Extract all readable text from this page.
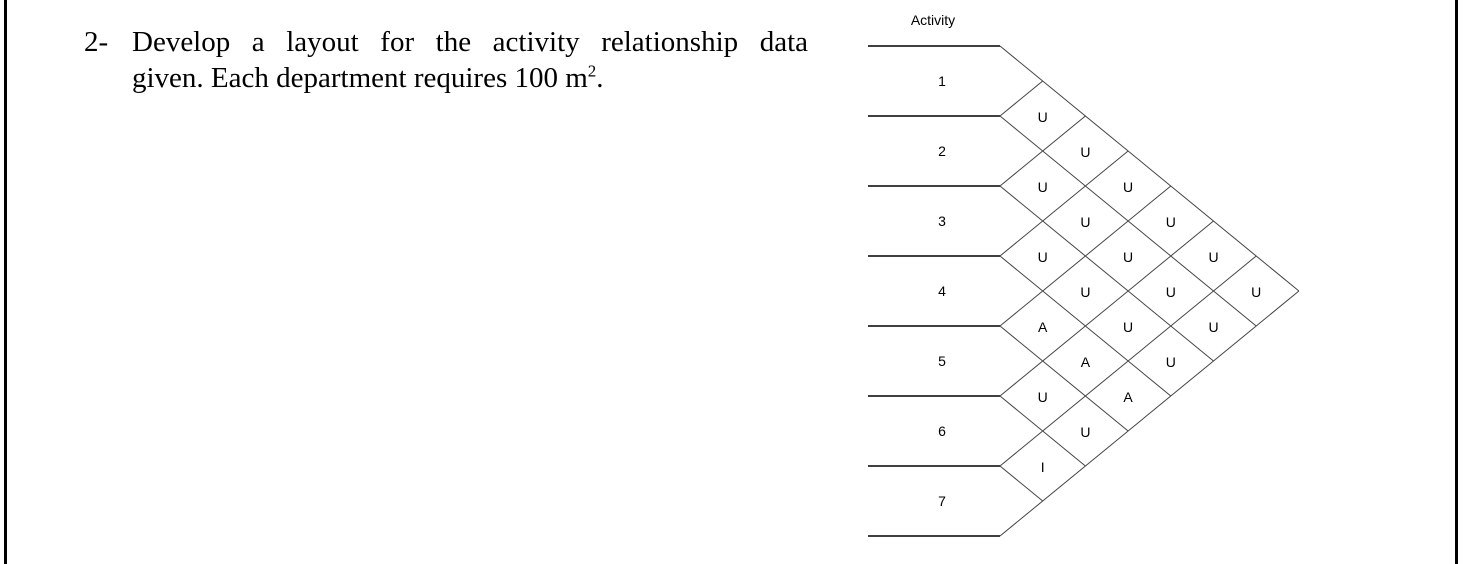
2- Develop a layout for the activity relationship data
given. Each department requires 100 $m^2$.
Activity
1
2
3
4
5
6
7
U
U
U
U
U
U
U
U
U
U
U
U
U
U
U
A
A
A
U
U
I
